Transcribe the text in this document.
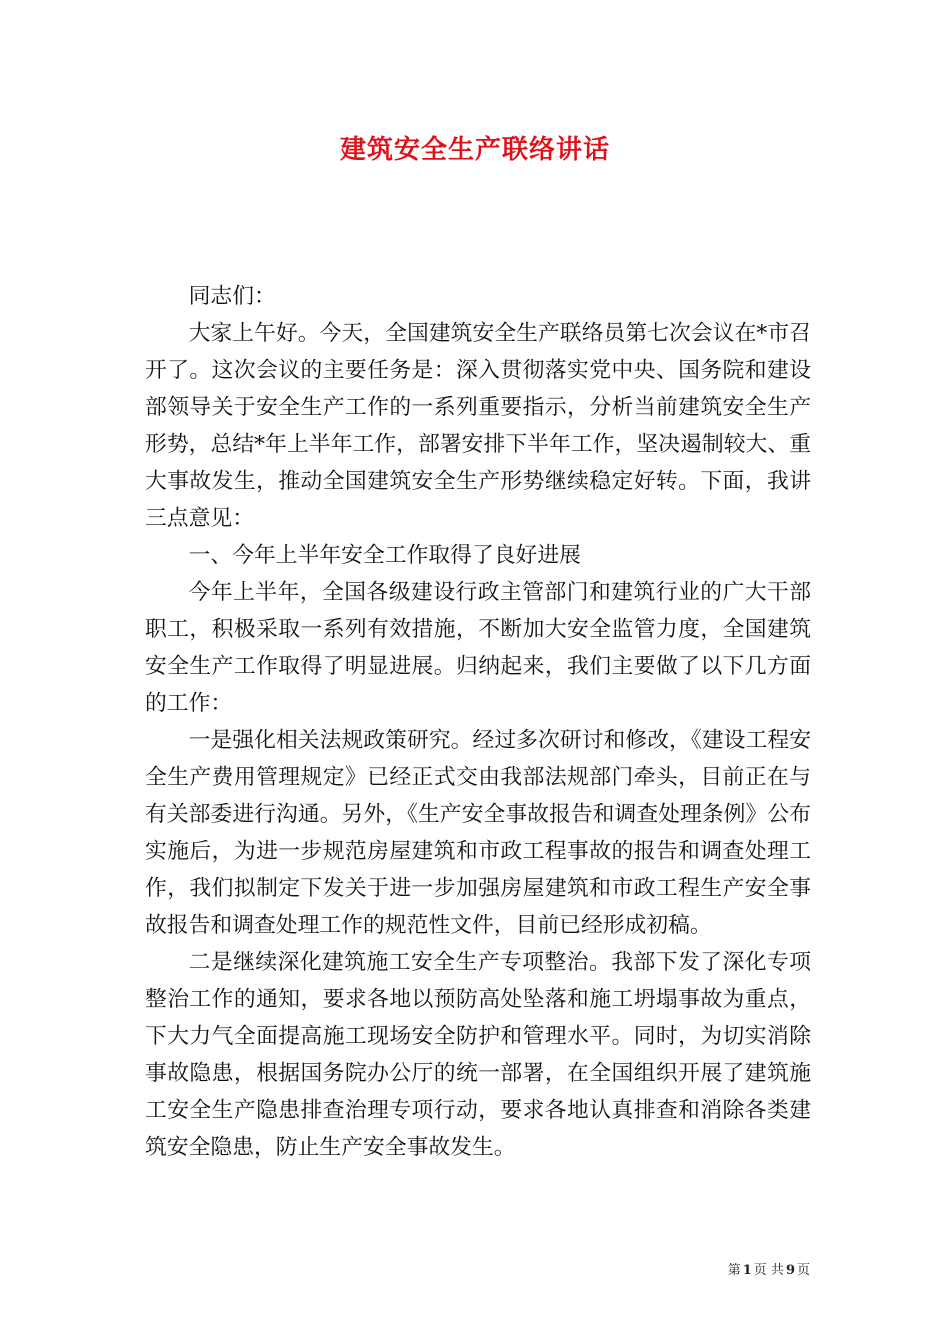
建筑安全生产联络讲话

同志们：

大家上午好。今天，全国建筑安全生产联络员第七次会议在*市召开了。这次会议的主要任务是：深入贯彻落实党中央、国务院和建设部领导关于安全生产工作的一系列重要指示，分析当前建筑安全生产形势，总结*年上半年工作，部署安排下半年工作，坚决遏制较大、重大事故发生，推动全国建筑安全生产形势继续稳定好转。下面，我讲三点意见：

一、今年上半年安全工作取得了良好进展

今年上半年，全国各级建设行政主管部门和建筑行业的广大干部职工，积极采取一系列有效措施，不断加大安全监管力度，全国建筑安全生产工作取得了明显进展。归纳起来，我们主要做了以下几方面的工作：

一是强化相关法规政策研究。经过多次研讨和修改，《建设工程安全生产费用管理规定》已经正式交由我部法规部门牵头，目前正在与有关部委进行沟通。另外，《生产安全事故报告和调查处理条例》公布实施后，为进一步规范房屋建筑和市政工程事故的报告和调查处理工作，我们拟制定下发关于进一步加强房屋建筑和市政工程生产安全事故报告和调查处理工作的规范性文件，目前已经形成初稿。

二是继续深化建筑施工安全生产专项整治。我部下发了深化专项整治工作的通知，要求各地以预防高处坠落和施工坍塌事故为重点，下大力气全面提高施工现场安全防护和管理水平。同时，为切实消除事故隐患，根据国务院办公厅的统一部署，在全国组织开展了建筑施工安全生产隐患排查治理专项行动，要求各地认真排查和消除各类建筑安全隐患，防止生产安全事故发生。

第 1 页 共 9 页
